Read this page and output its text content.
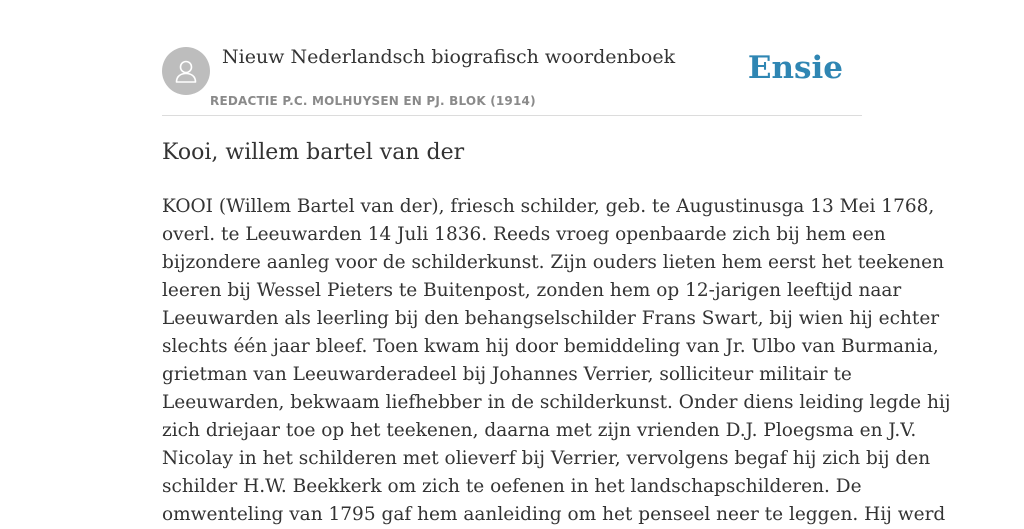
Nieuw Nederlandsch biografisch woordenboek
REDACTIE P.C. MOLHUYSEN EN PJ. BLOK (1914)
Ensie
Kooi, willem bartel van der

KOOI (Willem Bartel van der), friesch schilder, geb. te Augustinusga 13 Mei 1768,
overl. te Leeuwarden 14 Juli 1836. Reeds vroeg openbaarde zich bij hem een
bijzondere aanleg voor de schilderkunst. Zijn ouders lieten hem eerst het teekenen
leeren bij Wessel Pieters te Buitenpost, zonden hem op 12-jarigen leeftijd naar
Leeuwarden als leerling bij den behangselschilder Frans Swart, bij wien hij echter
slechts één jaar bleef. Toen kwam hij door bemiddeling van Jr. Ulbo van Burmania,
grietman van Leeuwarderadeel bij Johannes Verrier, solliciteur militair te
Leeuwarden, bekwaam liefhebber in de schilderkunst. Onder diens leiding legde hij
zich driejaar toe op het teekenen, daarna met zijn vrienden D.J. Ploegsma en J.V.
Nicolay in het schilderen met olieverf bij Verrier, vervolgens begaf hij zich bij den
schilder H.W. Beekkerk om zich te oefenen in het landschapschilderen. De
omwenteling van 1795 gaf hem aanleiding om het penseel neer te leggen. Hij werd
